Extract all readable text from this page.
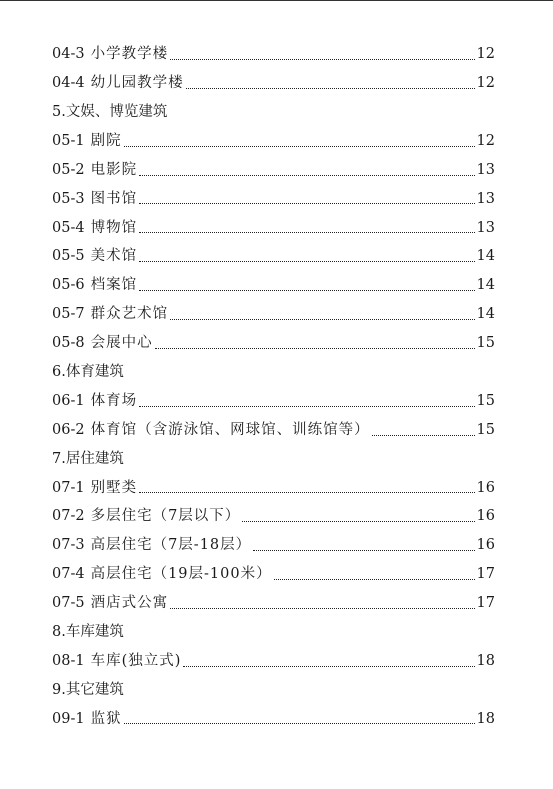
04-3 小学教学楼	12
04-4 幼儿园教学楼	12
5.文娱、博览建筑
05-1 剧院	12
05-2 电影院	13
05-3 图书馆	13
05-4 博物馆	13
05-5 美术馆	14
05-6 档案馆	14
05-7 群众艺术馆	14
05-8 会展中心	15
6.体育建筑
06-1 体育场	15
06-2 体育馆（含游泳馆、网球馆、训练馆等）	15
7.居住建筑
07-1 别墅类	16
07-2 多层住宅（7层以下）	16
07-3 高层住宅（7层-18层）	16
07-4 高层住宅（19层-100米）	17
07-5 酒店式公寓	17
8.车库建筑
08-1 车库(独立式)	18
9.其它建筑
09-1 监狱	18
